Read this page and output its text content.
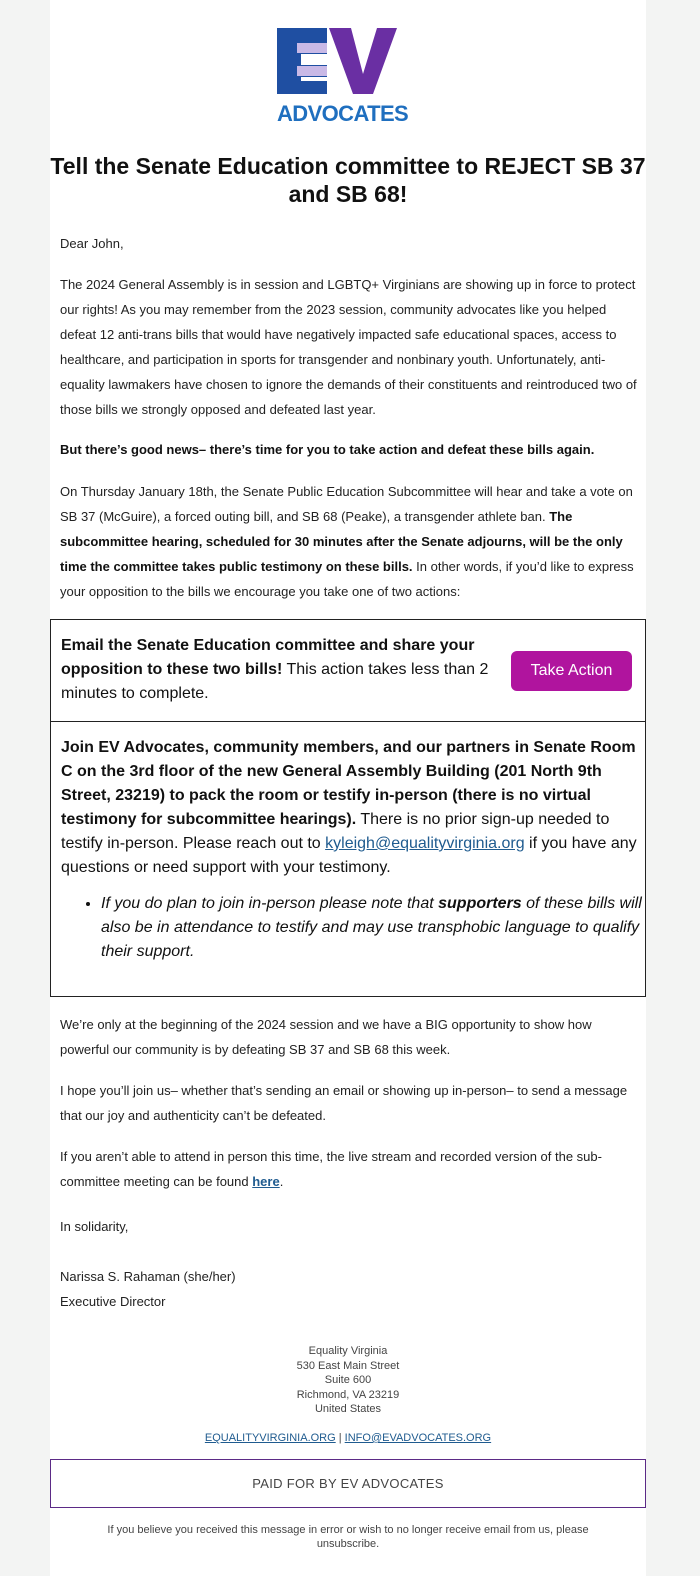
ADVOCATES
Tell the Senate Education committee to REJECT SB 37 and SB 68!

Dear John,

The 2024 General Assembly is in session and LGBTQ+ Virginians are showing up in force to protect our rights! As you may remember from the 2023 session, community advocates like you helped defeat 12 anti-trans bills that would have negatively impacted safe educational spaces, access to healthcare, and participation in sports for transgender and nonbinary youth. Unfortunately, anti-equality lawmakers have chosen to ignore the demands of their constituents and reintroduced two of those bills we strongly opposed and defeated last year.

But there’s good news– there’s time for you to take action and defeat these bills again.

On Thursday January 18th, the Senate Public Education Subcommittee will hear and take a vote on SB 37 (McGuire), a forced outing bill, and SB 68 (Peake), a transgender athlete ban. The subcommittee hearing, scheduled for 30 minutes after the Senate adjourns, will be the only time the committee takes public testimony on these bills. In other words, if you’d like to express your opposition to the bills we encourage you take one of two actions:

Email the Senate Education committee and share your opposition to these two bills! This action takes less than 2 minutes to complete.
Take Action
Join EV Advocates, community members, and our partners in Senate Room C on the 3rd floor of the new General Assembly Building (201 North 9th Street, 23219) to pack the room or testify in-person (there is no virtual testimony for subcommittee hearings). There is no prior sign-up needed to testify in-person. Please reach out to kyleigh@equalityvirginia.org if you have any questions or need support with your testimony.
• If you do plan to join in-person please note that supporters of these bills will also be in attendance to testify and may use transphobic language to qualify their support.

We’re only at the beginning of the 2024 session and we have a BIG opportunity to show how powerful our community is by defeating SB 37 and SB 68 this week.

I hope you’ll join us– whether that’s sending an email or showing up in-person– to send a message that our joy and authenticity can’t be defeated.

If you aren’t able to attend in person this time, the live stream and recorded version of the sub-committee meeting can be found here.

In solidarity,

Narissa S. Rahaman (she/her)

Executive Director

Equality Virginia
530 East Main Street
Suite 600
Richmond, VA 23219
United States
EQUALITYVIRGINIA.ORG | INFO@EVADVOCATES.ORG
PAID FOR BY EV ADVOCATES
If you believe you received this message in error or wish to no longer receive email from us, please unsubscribe.
